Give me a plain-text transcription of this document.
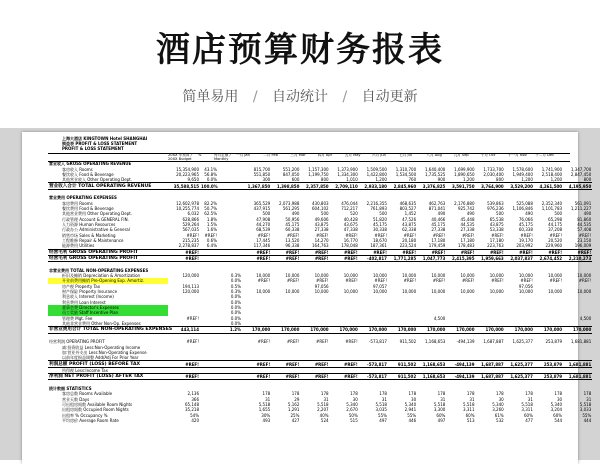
酒店预算财务报表
简单易用 / 自动统计 / 自动更新
上海大酒店 KINGTOWN Hotel SHANGHAI
损益表 PROFIT & LOSS STATEMENT
PROFIT & LOSS STATEMENT
20XX 年预算 / 20XX Budget
%	每月定额 / Monthly
一月 Jan	二月 Feb	三月 Mar	四月 Apr	五月 May	六月 Jun	七月 Jul	八月 Aug	九月 Sep	十月 Oct	十一月 Nov	十二月 Dec
营业收入 GROSS OPERATING REVENUE															
客房收入 Rooms	15,354,900	43.1%		815,700	551,200	1,157,300	1,373,900	1,509,500	1,310,700	1,640,400	1,699,900	1,733,700	1,578,600	1,741,900	1,347,700
餐饮收入 Food & Beverage	20,223,965	56.8%		551,850	847,050	1,199,750	1,334,300	1,422,800	1,534,500	1,735,525	1,890,650	2,030,400	1,949,400	2,518,400	2,847,450
其他营业收入 Other Operating Dept.	9,650	0.0%		300	600	800	1,010	1,200	760	900	1,200	800	1,200	1,200	800
营业收入合计 TOTAL OPERATING REVENUE	35,588,515	100.0%		1,367,850	1,398,850	2,357,850	2,709,110	2,933,180	2,845,960	3,376,825	3,591,750	3,764,900	3,529,200	4,261,500	4,195,950

营业费用 OPERATING EXPENSES															
客房费用 Rooms	12,602,978	82.2%		365,529	2,073,988	430,803	476,044	2,216,355	468,635	462,763	2,176,880	539,863	525,088	2,352,340	561,091
餐饮费用 Food & Beverage	10,255,774	50.7%		437,915	561,295	604,102	712,217	761,893	803,527	871,041	925,742	976,236	1,106,846	1,101,783	1,211,227
其他营业费用 Other Operating Dept.	6,032	62.5%		500	490	500	520	500	1,452	490	490	500	490	500	490
行政管理 Account & GENERAL FIN.	628,866	1.8%		47,908	50,956	49,606	40,428	51,820	47,526	40,466	45,448	65,538	76,066	65,298	81,860
人力资源 Human Resources	529,264	1.5%		44,270	45,175	43,875	43,675	45,175	43,875	45,175	44,535	43,875	45,175	44,175	44,535
行政办公 Administrative & General	567,035	1.6%		68,539	60,338	27,338	47,338	30,338	62,338	27,338	27,338	53,338	60,338	37,208	57,408
销售市场 Sales & Marketing	#REF!	#REF!		#REF!	#REF!	#REF!	#REF!	#REF!	#REF!	#REF!	#REF!	#REF!	#REF!	#REF!	#REF!
工程维修 Repair & Maintenance	215,235	0.6%		17,445	13,520	14,270	16,770	18,670	20,180	17,180	17,180	17,180	19,170	20,520	23,150
能源费用 Utilities	2,278,837	6.4%		117,346	96,338	164,763	178,048	187,361	223,524	179,459	178,483	223,763	203,992	229,960	196,009
经营毛利 GROSS OPERATING PROFIT	#REF!			#REF!	#REF!	#REF!	#REF!	#REF!	#REF!	#REF!	#REF!	#REF!	#REF!	#REF!	#REF!
经营毛利 GROSS OPERATING PROFIT	#REF!			#REF!	#REF!	#REF!	#REF!	-402,817	1,771,285	1,047,773	2,415,395	1,959,663	2,037,837	2,674,452	2,210,273

非营业费用 TOTAL NON-OPERATING EXPENSES															
折旧及摊销 Depreciation & Amortization	120,000		0.3%	10,000	10,000	10,000	10,000	10,000	10,000	10,000	10,000	10,000	10,000	10,000	10,000
开业前费用摊销 Pre-Opening Exp. Amortiz.			0.0%	#REF!	#REF!	#REF!	#REF!	#REF!	#REF!	#REF!	#REF!	#REF!	#REF!	#REF!	#REF!
房产税 Property Tax	194,113		0.5%			97,056		97,057					97,056		
财产保险 Property Insurance	120,000		0.3%	10,000	10,000	10,000	10,000	10,000	10,000	10,000	10,000	10,000	10,000	10,000	10,000
利息收入 Interest (Income)			0.0%												
利息费用 Loan Interest			0.0%												
董事会费 Director's Expenses			0.0%												
员工奖励 Staff Incentive Plan			0.0%												
管理费 Mgt. Fee	#REF!		0.0%							4,500					4,500
其他非营业费用 Other Non-Op. Expenses			0.0%												
非营业费用合计 TOTAL NON-OPERATING EXPENSES	443,114		1.2%	170,000	170,000	170,000	170,000	170,000	170,000	170,000	170,000	170,000	170,000	170,000	170,000

经营利润 OPERATING PROFIT	#REF!			#REF!	#REF!	#REF!	#REF!	-573,817	911,502	1,168,653	-494,139	1,687,887	1,625,377	253,879	1,681,881
减:投资收益 Less:Non-Operating Income															
加:营业外支出 Less:Non-Operating Expense															
以前年度损益调整 Add/Adj For Prior Year															
利润总额 PROFIT (LOSS) BEFORE TAX	#REF!			#REF!	#REF!	#REF!	#REF!	-573,817	911,502	1,168,653	-494,139	1,687,887	1,625,377	253,879	1,681,881
所得税 Less:Income Tax															
净利润 NET PROFIT (LOSS) AFTER TAX	#REF!			#REF!	#REF!	#REF!	#REF!	-573,817	911,502	1,168,653	-494,139	1,687,887	1,625,377	253,879	1,681,881

统计数据 STATISTICS															
客房总数 Rooms Available	2,136			178	178	178	178	178	178	178	178	178	178	178	178
营业天数 Days	366			31	29	31	30	31	30	31	31	30	31	30	31
可出租房间数 Available Room Nights	65,148			5,518	5,162	5,518	5,340	5,518	5,340	5,518	5,518	5,340	5,518	5,340	5,518
出租房间数 Occupied Room Nights	35,218			1,655	1,291	2,207	2,670	3,035	2,941	3,300	3,311	3,260	3,311	3,204	3,033
出租率 % Occupancy %	54%			30%	25%	40%	50%	55%	55%	60%	60%	61%	60%	60%	55%
平均房价 Average Room Rate	420			493	427	524	515	497	446	497	513	532	477	544	444
